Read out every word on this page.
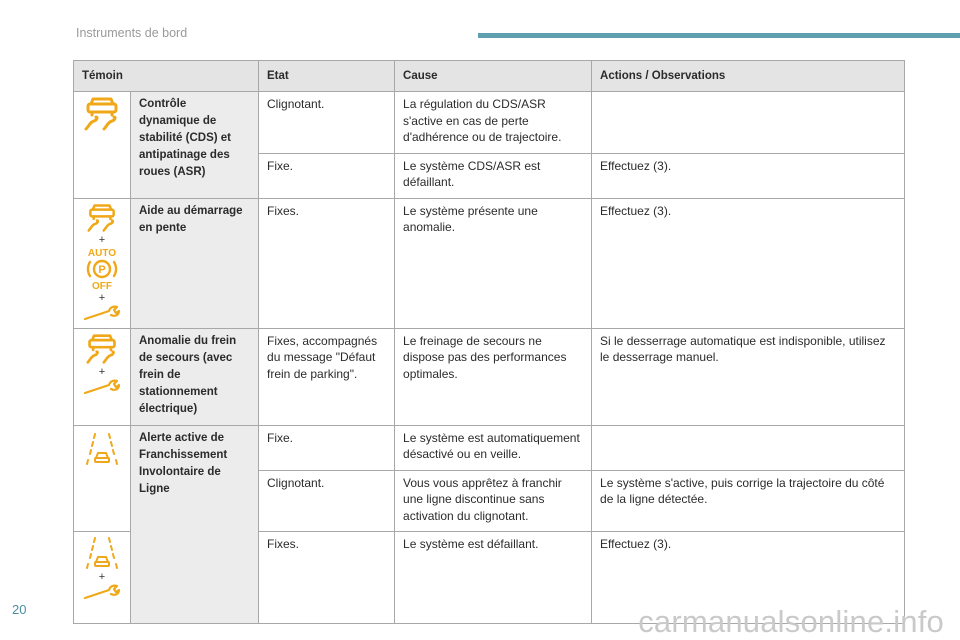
Instruments de bord
Témoin		Etat	Cause	Actions / Observations

	Contrôle dynamique de stabilité (CDS) et antipatinage des roues (ASR)	Clignotant.	La régulation du CDS/ASR s'active en cas de perte d'adhérence ou de trajectoire.	
		Fixe.	Le système CDS/ASR est défaillant.	Effectuez (3).

+
AUTO
P
OFF
+	Aide au démarrage en pente	Fixes.	Le système présente une anomalie.	Effectuez (3).

+	Anomalie du frein de secours (avec frein de stationnement électrique)	Fixes, accompagnés du message "Défaut frein de parking".	Le freinage de secours ne dispose pas des performances optimales.	Si le desserrage automatique est indisponible, utilisez le desserrage manuel.

	Alerte active de Franchissement Involontaire de Ligne	Fixe.	Le système est automatiquement désactivé ou en veille.	
		Clignotant.	Vous vous apprêtez à franchir une ligne discontinue sans activation du clignotant.	Le système s'active, puis corrige la trajectoire du côté de la ligne détectée.

+		Fixes.	Le système est défaillant.	Effectuez (3).
20	carmanualsonline.info
